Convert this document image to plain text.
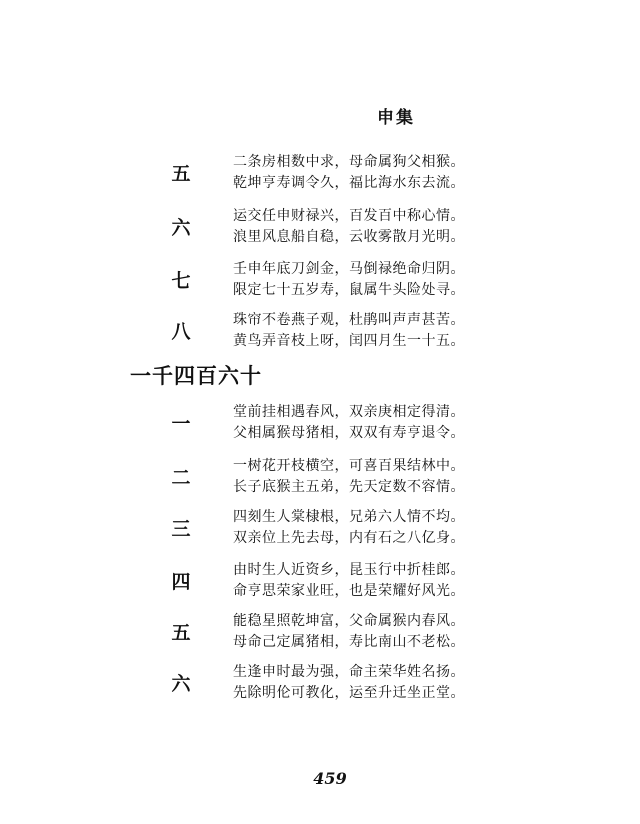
申集
五
二条房相数中求，母命属狗父相猴。
乾坤亨寿调令久，福比海水东去流。
六
运交任申财禄兴，百发百中称心情。
浪里风息船自稳，云收雾散月光明。
七
壬申年底刀剑金，马倒禄绝命归阴。
限定七十五岁寿，鼠属牛头险处寻。
八
珠帘不卷燕子观，杜鹃叫声声甚苦。
黄鸟弄音枝上呀，闰四月生一十五。
一千四百六十
一
堂前挂相遇春风，双亲庚相定得清。
父相属猴母猪相，双双有寿亨退令。
二
一树花开枝横空，可喜百果结林中。
长子底猴主五弟，先天定数不容情。
三
四刻生人棠棣根，兄弟六人情不均。
双亲位上先去母，内有石之八亿身。
四
由时生人近资乡，昆玉行中折桂郎。
命亨思荣家业旺，也是荣耀好风光。
五
能稳星照乾坤富，父命属猴内春风。
母命己定属猪相，寿比南山不老松。
六
生逢申时最为强，命主荣华姓名扬。
先除明伦可教化，运至升迁坐正堂。
459
